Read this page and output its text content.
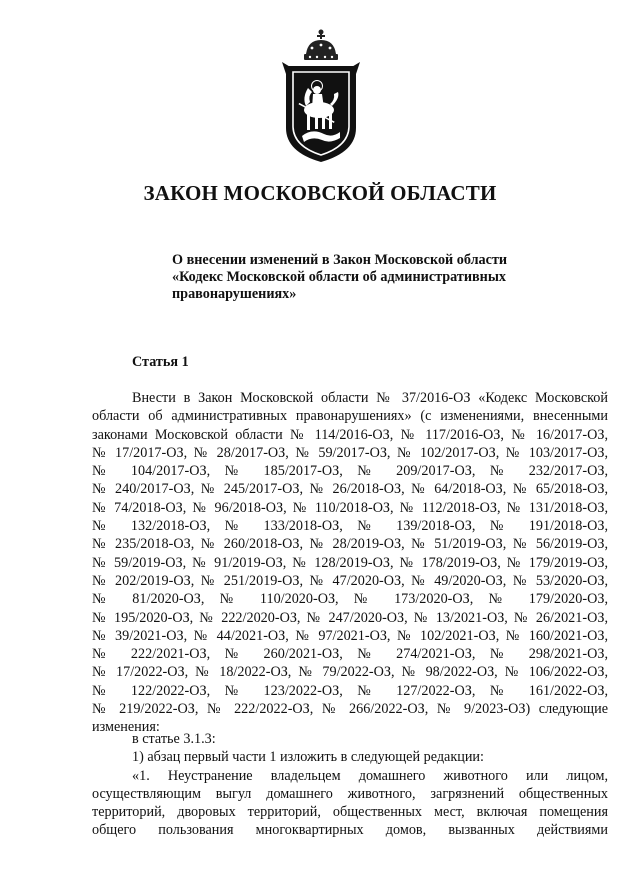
ЗАКОН МОСКОВСКОЙ ОБЛАСТИ
О внесении изменений в Закон Московской области
«Кодекс Московской области об административных
правонарушениях»
Статья 1
Внести в Закон Московской области № 37/2016-ОЗ «Кодекс Московской
области об административных правонарушениях» (с изменениями, внесенными
законами Московской области № 114/2016-ОЗ, № 117/2016-ОЗ, № 16/2017-ОЗ,
№ 17/2017-ОЗ, № 28/2017-ОЗ, № 59/2017-ОЗ, № 102/2017-ОЗ, № 103/2017-ОЗ,
№ 104/2017-ОЗ, № 185/2017-ОЗ, № 209/2017-ОЗ, № 232/2017-ОЗ,
№ 240/2017-ОЗ, № 245/2017-ОЗ, № 26/2018-ОЗ, № 64/2018-ОЗ, № 65/2018-ОЗ,
№ 74/2018-ОЗ, № 96/2018-ОЗ, № 110/2018-ОЗ, № 112/2018-ОЗ, № 131/2018-ОЗ,
№ 132/2018-ОЗ, № 133/2018-ОЗ, № 139/2018-ОЗ, № 191/2018-ОЗ,
№ 235/2018-ОЗ, № 260/2018-ОЗ, № 28/2019-ОЗ, № 51/2019-ОЗ, № 56/2019-ОЗ,
№ 59/2019-ОЗ, № 91/2019-ОЗ, № 128/2019-ОЗ, № 178/2019-ОЗ, № 179/2019-ОЗ,
№ 202/2019-ОЗ, № 251/2019-ОЗ, № 47/2020-ОЗ, № 49/2020-ОЗ, № 53/2020-ОЗ,
№ 81/2020-ОЗ, № 110/2020-ОЗ, № 173/2020-ОЗ, № 179/2020-ОЗ,
№ 195/2020-ОЗ, № 222/2020-ОЗ, № 247/2020-ОЗ, № 13/2021-ОЗ, № 26/2021-ОЗ,
№ 39/2021-ОЗ, № 44/2021-ОЗ, № 97/2021-ОЗ, № 102/2021-ОЗ, № 160/2021-ОЗ,
№ 222/2021-ОЗ, № 260/2021-ОЗ, № 274/2021-ОЗ, № 298/2021-ОЗ,
№ 17/2022-ОЗ, № 18/2022-ОЗ, № 79/2022-ОЗ, № 98/2022-ОЗ, № 106/2022-ОЗ,
№ 122/2022-ОЗ, № 123/2022-ОЗ, № 127/2022-ОЗ, № 161/2022-ОЗ,
№ 219/2022-ОЗ, № 222/2022-ОЗ, № 266/2022-ОЗ, № 9/2023-ОЗ) следующие
изменения:
в статье 3.1.3:
1) абзац первый части 1 изложить в следующей редакции:
«1. Неустранение владельцем домашнего животного или лицом,
осуществляющим выгул домашнего животного, загрязнений общественных
территорий, дворовых территорий, общественных мест, включая помещения
общего пользования многоквартирных домов, вызванных действиями
